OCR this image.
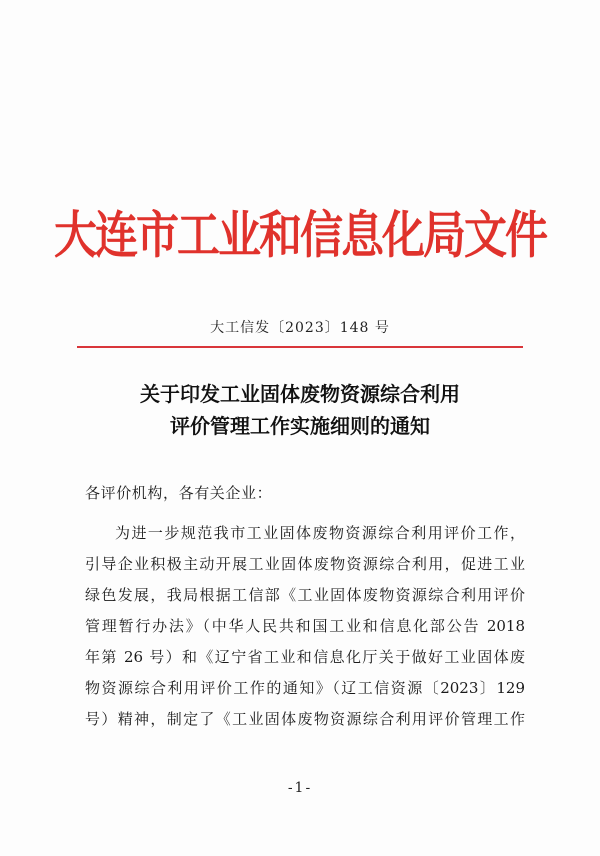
大连市工业和信息化局文件
大工信发〔2023〕148 号
关于印发工业固体废物资源综合利用
评价管理工作实施细则的通知
各评价机构，各有关企业：
为进一步规范我市工业固体废物资源综合利用评价工作，
引导企业积极主动开展工业固体废物资源综合利用，促进工业
绿色发展，我局根据工信部《工业固体废物资源综合利用评价
管理暂行办法》（中华人民共和国工业和信息化部公告 2018
年第 26 号）和《辽宁省工业和信息化厅关于做好工业固体废
物资源综合利用评价工作的通知》（辽工信资源〔2023〕129
号）精神，制定了《工业固体废物资源综合利用评价管理工作
-1-
